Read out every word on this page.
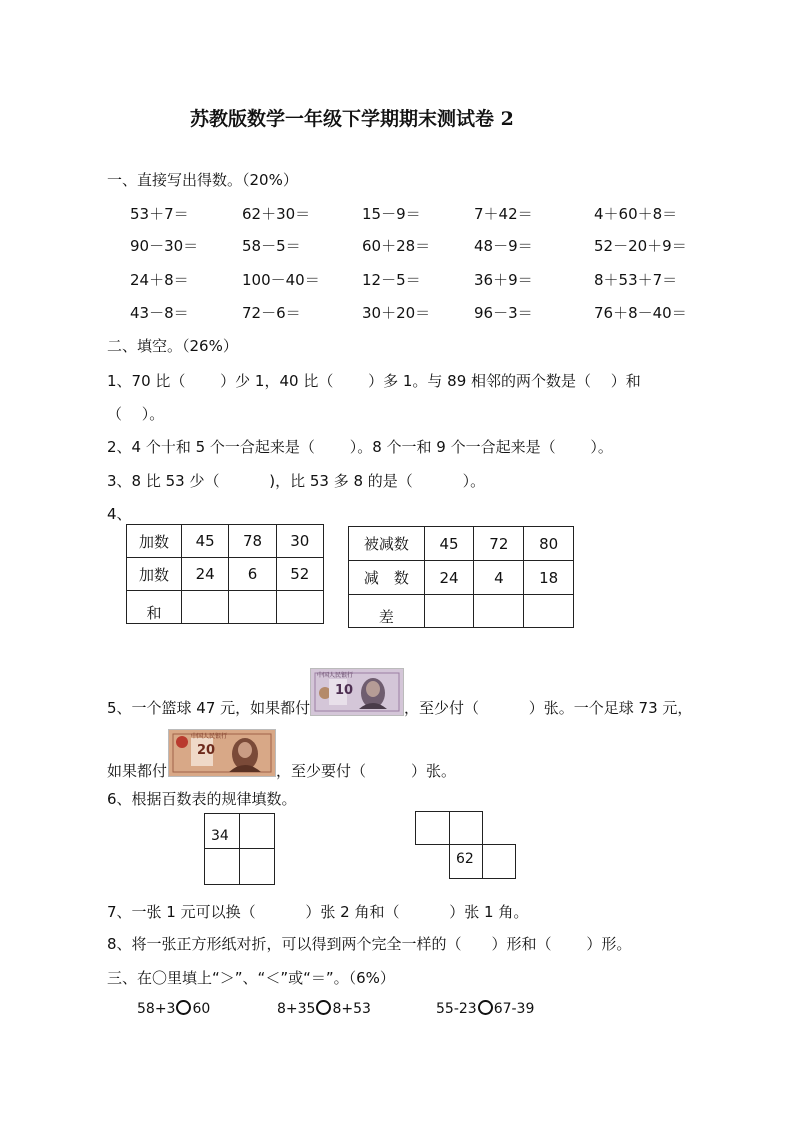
苏教版数学一年级下学期期末测试卷 2
一、直接写出得数。（20%）
53＋7＝	62＋30＝	15－9＝	7＋42＝	4＋60＋8＝
90－30＝	58－5＝	60＋28＝	48－9＝	52－20＋9＝
24＋8＝	100－40＝	12－5＝	36＋9＝	8＋53＋7＝
43－8＝	72－6＝	30＋20＝	96－3＝	76＋8－40＝
二、填空。（26%）
1、70 比（　　 ）少 1，40 比（　　 ）多 1。与 89 相邻的两个数是（　 ）和
（　 ）。
2、4 个十和 5 个一合起来是（　　 ）。8 个一和 9 个一合起来是（　　 ）。
3、8 比 53 少（　　　 )，比 53 多 8 的是（　　　 ）。
4、
加数	45	78	30
加数	24	6	52
和			
被减数	45	72	80
减　数	24	4	18
差			
5、一个篮球 47 元，如果都付
10
中国人民银行
，至少付（　　　 ）张。一个足球 73 元，
如果都付
20
中国人民银行
，至少要付（　　　）张。
6、根据百数表的规律填数。
34
62
7、一张 1 元可以换（　　　 ）张 2 角和（　　　 ）张 1 角。
8、将一张正方形纸对折，可以得到两个完全一样的（　　）形和（　　 ）形。
三、在〇里填上“＞”、“＜”或“＝”。（6%）
58+3 60	8+35 8+53	55-23 67-39
